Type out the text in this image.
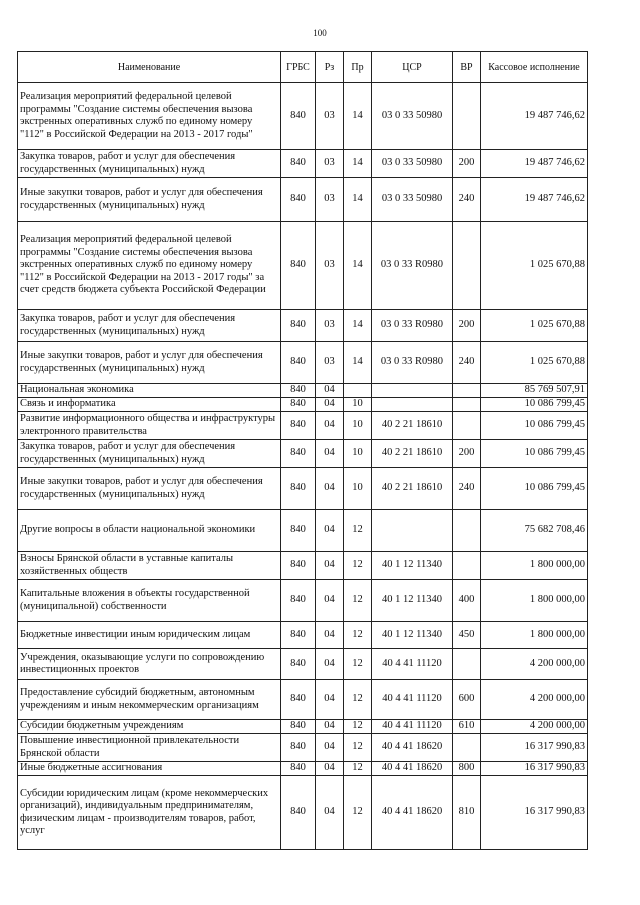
100
Наименование	ГРБС	Рз	Пр	ЦСР	ВР	Кассовое исполнение
Реализация мероприятий федеральной целевой программы "Создание системы обеспечения вызова экстренных оперативных служб по единому номеру "112" в Российской Федерации на 2013 - 2017 годы"	840	03	14	03 0 33 50980		19 487 746,62
Закупка товаров, работ и услуг для обеспечения государственных (муниципальных) нужд	840	03	14	03 0 33 50980	200	19 487 746,62
Иные закупки товаров, работ и услуг для обеспечения государственных (муниципальных) нужд	840	03	14	03 0 33 50980	240	19 487 746,62
Реализация мероприятий федеральной целевой программы "Создание системы обеспечения вызова экстренных оперативных служб по единому номеру "112" в Российской Федерации на 2013 - 2017 годы" за счет средств бюджета субъекта Российской Федерации	840	03	14	03 0 33 R0980		1 025 670,88
Закупка товаров, работ и услуг для обеспечения государственных (муниципальных) нужд	840	03	14	03 0 33 R0980	200	1 025 670,88
Иные закупки товаров, работ и услуг для обеспечения государственных (муниципальных) нужд	840	03	14	03 0 33 R0980	240	1 025 670,88
Национальная экономика	840	04				85 769 507,91
Связь и информатика	840	04	10			10 086 799,45
Развитие информационного общества и инфраструктуры электронного правительства	840	04	10	40 2 21 18610		10 086 799,45
Закупка товаров, работ и услуг для обеспечения государственных (муниципальных) нужд	840	04	10	40 2 21 18610	200	10 086 799,45
Иные закупки товаров, работ и услуг для обеспечения государственных (муниципальных) нужд	840	04	10	40 2 21 18610	240	10 086 799,45
Другие вопросы в области национальной экономики	840	04	12			75 682 708,46
Взносы Брянской области в уставные капиталы хозяйственных обществ	840	04	12	40 1 12 11340		1 800 000,00
Капитальные вложения в объекты государственной (муниципальной) собственности	840	04	12	40 1 12 11340	400	1 800 000,00
Бюджетные инвестиции иным юридическим лицам	840	04	12	40 1 12 11340	450	1 800 000,00
Учреждения, оказывающие услуги по сопровождению инвестиционных проектов	840	04	12	40 4 41 11120		4 200 000,00
Предоставление субсидий бюджетным, автономным учреждениям и иным некоммерческим организациям	840	04	12	40 4 41 11120	600	4 200 000,00
Субсидии бюджетным учреждениям	840	04	12	40 4 41 11120	610	4 200 000,00
Повышение инвестиционной привлекательности Брянской области	840	04	12	40 4 41 18620		16 317 990,83
Иные бюджетные ассигнования	840	04	12	40 4 41 18620	800	16 317 990,83
Субсидии юридическим лицам (кроме некоммерческих организаций), индивидуальным предпринимателям, физическим лицам - производителям товаров, работ, услуг	840	04	12	40 4 41 18620	810	16 317 990,83
